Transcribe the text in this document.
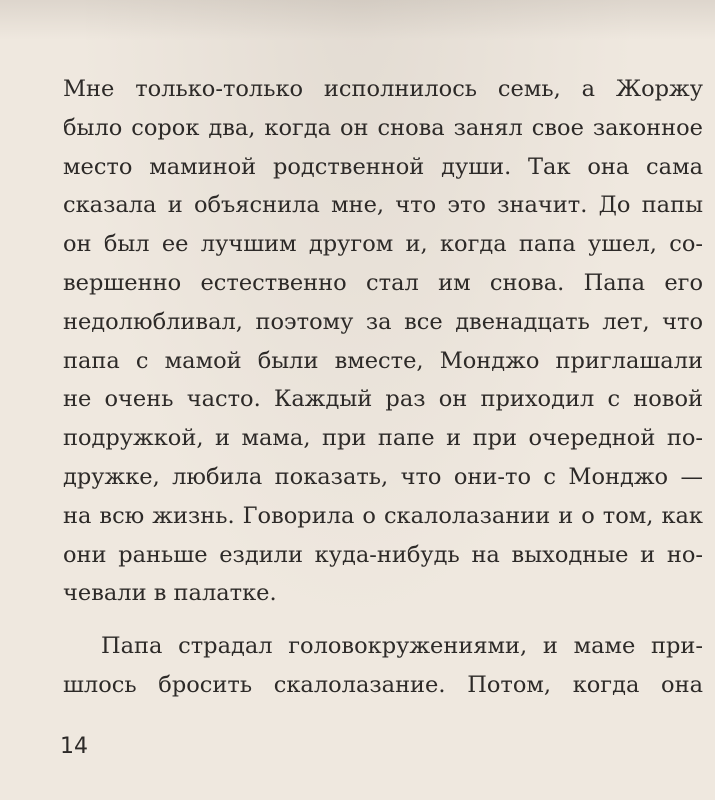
Мне только-только исполнилось семь, а Жоржу
было сорок два, когда он снова занял свое законное
место маминой родственной души. Так она сама
сказала и объяснила мне, что это значит. До папы
он был ее лучшим другом и, когда папа ушел, со-
вершенно естественно стал им снова. Папа его
недолюбливал, поэтому за все двенадцать лет, что
папа с мамой были вместе, Монджо приглашали
не очень часто. Каждый раз он приходил с новой
подружкой, и мама, при папе и при очередной по-
дружке, любила показать, что они-то с Монджо —
на всю жизнь. Говорила о скалолазании и о том, как
они раньше ездили куда-нибудь на выходные и но-
чевали в палатке.
Папа страдал головокружениями, и маме при-
шлось бросить скалолазание. Потом, когда она
14
